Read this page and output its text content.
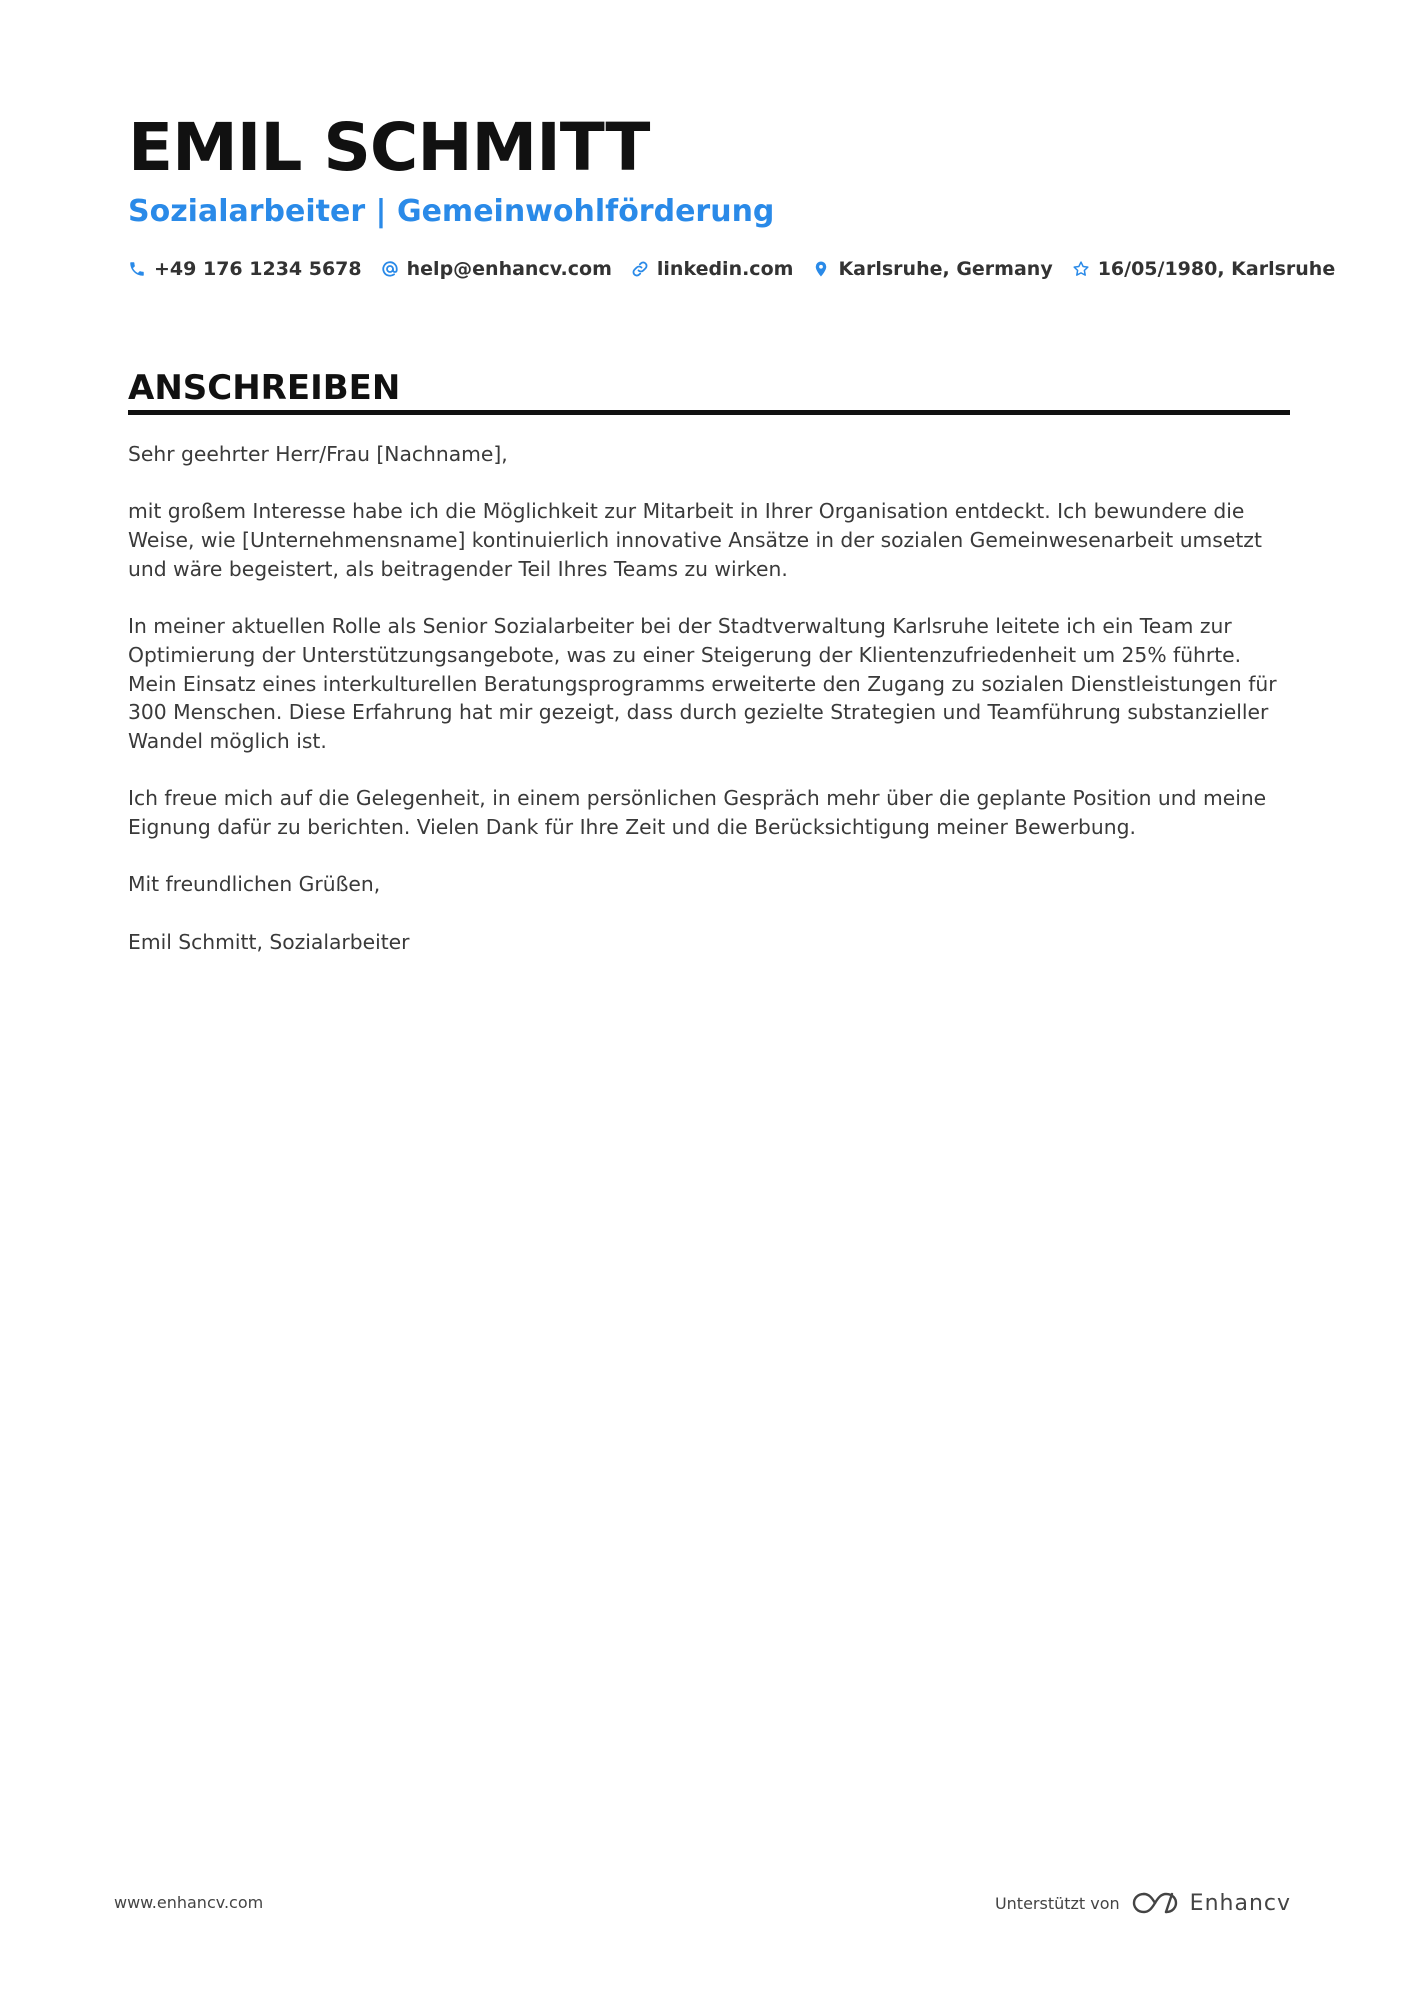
EMIL SCHMITT
Sozialarbeiter | Gemeinwohlförderung
+49 176 1234 5678 help@enhancv.com linkedin.com Karlsruhe, Germany 16/05/1980, Karlsruhe
ANSCHREIBEN

Sehr geehrter Herr/Frau [Nachname],

mit großem Interesse habe ich die Möglichkeit zur Mitarbeit in Ihrer Organisation entdeckt. Ich bewundere die Weise, wie [Unternehmensname] kontinuierlich innovative Ansätze in der sozialen Gemeinwesenarbeit umsetzt und wäre begeistert, als beitragender Teil Ihres Teams zu wirken.

In meiner aktuellen Rolle als Senior Sozialarbeiter bei der Stadtverwaltung Karlsruhe leitete ich ein Team zur Optimierung der Unterstützungsangebote, was zu einer Steigerung der Klientenzufriedenheit um 25% führte. Mein Einsatz eines interkulturellen Beratungsprogramms erweiterte den Zugang zu sozialen Dienstleistungen für 300 Menschen. Diese Erfahrung hat mir gezeigt, dass durch gezielte Strategien und Teamführung substanzieller Wandel möglich ist.

Ich freue mich auf die Gelegenheit, in einem persönlichen Gespräch mehr über die geplante Position und meine Eignung dafür zu berichten. Vielen Dank für Ihre Zeit und die Berücksichtigung meiner Bewerbung.

Mit freundlichen Grüßen,

Emil Schmitt, Sozialarbeiter

www.enhancv.com	Unterstützt von	Enhancv
